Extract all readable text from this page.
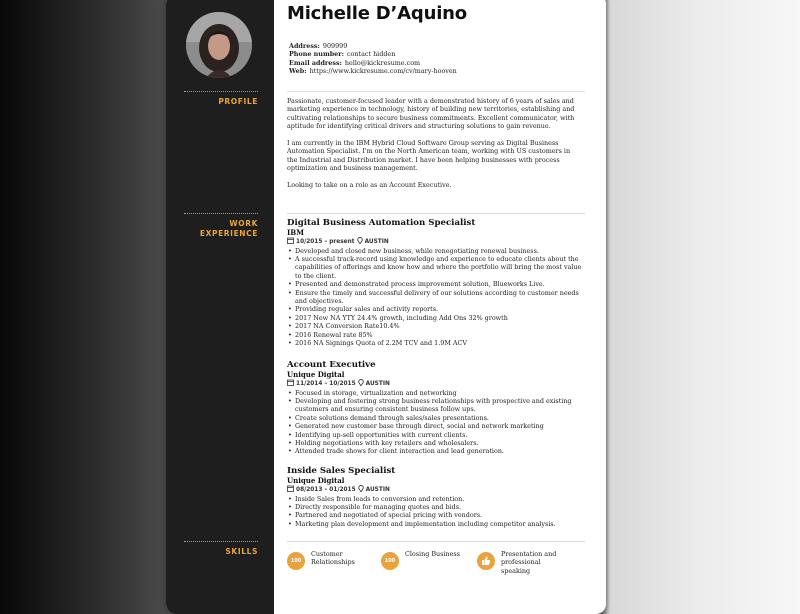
PROFILE
WORK
EXPERIENCE
SKILLS
Michelle D’Aquino
Address: 909999
Phone number: contact hidden
Email address: hello@kickresume.com
Web: https://www.kickresume.com/cv/mary-hooven

Passionate, customer-focused leader with a demonstrated history of 6 years of sales and marketing experience in technology, history of building new territories, establishing and cultivating relationships to secure business commitments. Excellent communicator, with aptitude for identifying critical drivers and structuring solutions to gain revenue.

I am currently in the IBM Hybrid Cloud Software Group serving as Digital Business Automation Specialist. I'm on the North American team, working with US customers in the Industrial and Distribution market. I have been helping businesses with process optimization and business management.

Looking to take on a role as an Account Executive.

Digital Business Automation Specialist
IBM
10/2015 – present AUSTIN
• Developed and closed new business, while renegotiating renewal business.
• A successful track-record using knowledge and experience to educate clients about the capabilities of offerings and know how and where the portfolio will bring the most value to the client.
• Presented and demonstrated process improvement solution, Blueworks Live.
• Ensure the timely and successful delivery of our solutions according to customer needs and objectives.
• Providing regular sales and activity reports.
• 2017 New NA YTY 24.4% growth, including Add Ons 32% growth
• 2017 NA Conversion Rate10.4%
• 2016 Renewal rate 85%
• 2016 NA Signings Quota of 2.2M TCV and 1.9M ACV
Account Executive
Unique Digital
11/2014 – 10/2015 AUSTIN
• Focused in storage, virtualization and networking
• Developing and fostering strong business relationships with prospective and existing customers and ensuring consistent business follow ups.
• Create solutions demand through sales/sales presentations.
• Generated new customer base through direct, social and network marketing
• Identifying up-sell opportunities with current clients.
• Holding negotiations with key retailers and wholesalers.
• Attended trade shows for client interaction and lead generation.
Inside Sales Specialist
Unique Digital
08/2013 – 01/2015 AUSTIN
• Inside Sales from leads to conversion and retention.
• Directly responsible for managing quotes and bids.
• Partnered and negotiated of special pricing with vendors.
• Marketing plan development and implementation including competitor analysis.
100
Customer Relationships	100
Closing Business	Presentation and professional speaking
